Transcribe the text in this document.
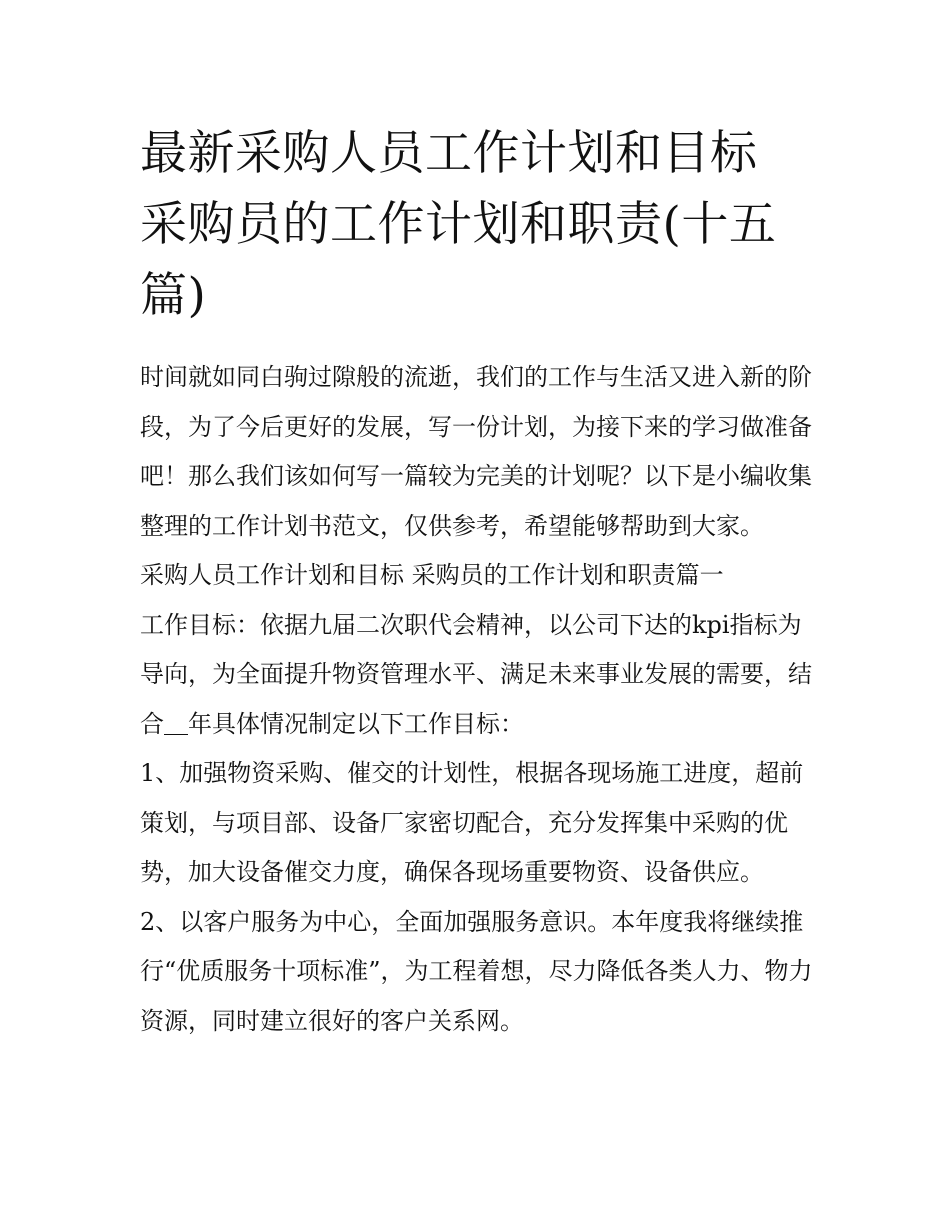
最新采购人员工作计划和目标 采购员的工作计划和职责(十五篇)

时间就如同白驹过隙般的流逝，我们的工作与生活又进入新的阶段，为了今后更好的发展，写一份计划，为接下来的学习做准备吧！那么我们该如何写一篇较为完美的计划呢？以下是小编收集整理的工作计划书范文，仅供参考，希望能够帮助到大家。

采购人员工作计划和目标 采购员的工作计划和职责篇一

工作目标：依据九届二次职代会精神，以公司下达的kpi指标为导向，为全面提升物资管理水平、满足未来事业发展的需要，结合＿年具体情况制定以下工作目标：

1、加强物资采购、催交的计划性，根据各现场施工进度，超前策划，与项目部、设备厂家密切配合，充分发挥集中采购的优势，加大设备催交力度，确保各现场重要物资、设备供应。

2、以客户服务为中心，全面加强服务意识。本年度我将继续推行“优质服务十项标准”，为工程着想，尽力降低各类人力、物力资源，同时建立很好的客户关系网。
